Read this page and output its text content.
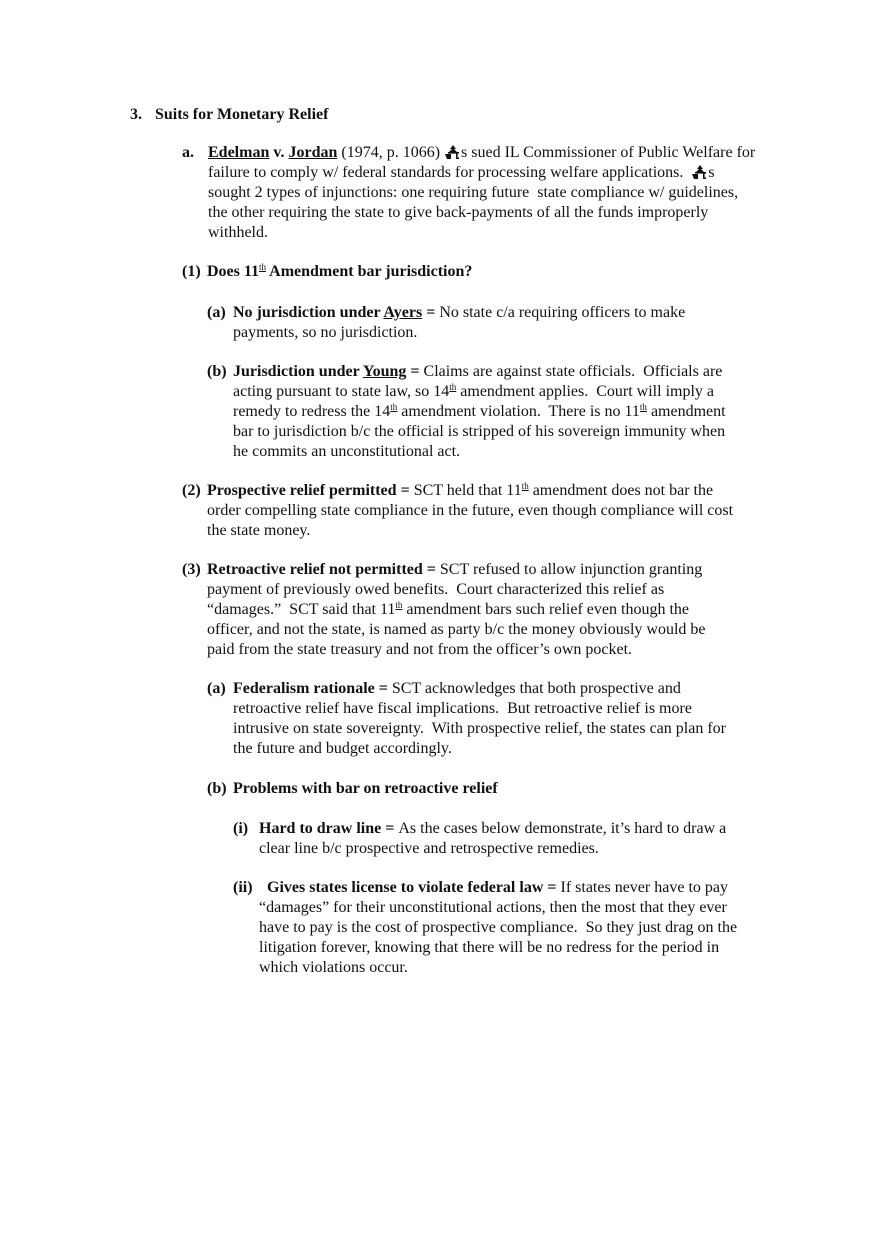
3. Suits for Monetary Relief
a. Edelman v. Jordan (1974, p. 1066) s sued IL Commissioner of Public Welfare for
failure to comply w/ federal standards for processing welfare applications.  s
sought 2 types of injunctions: one requiring future  state compliance w/ guidelines,
the other requiring the state to give back-payments of all the funds improperly
withheld.
(1) Does 11th Amendment bar jurisdiction?
(a) No jurisdiction under Ayers = No state c/a requiring officers to make
payments, so no jurisdiction.
(b) Jurisdiction under Young = Claims are against state officials.  Officials are
acting pursuant to state law, so 14th amendment applies.  Court will imply a
remedy to redress the 14th amendment violation.  There is no 11th amendment
bar to jurisdiction b/c the official is stripped of his sovereign immunity when
he commits an unconstitutional act.
(2) Prospective relief permitted = SCT held that 11th amendment does not bar the
order compelling state compliance in the future, even though compliance will cost
the state money.
(3) Retroactive relief not permitted = SCT refused to allow injunction granting
payment of previously owed benefits.  Court characterized this relief as
“damages.”  SCT said that 11th amendment bars such relief even though the
officer, and not the state, is named as party b/c the money obviously would be
paid from the state treasury and not from the officer’s own pocket.
(a) Federalism rationale = SCT acknowledges that both prospective and
retroactive relief have fiscal implications.  But retroactive relief is more
intrusive on state sovereignty.  With prospective relief, the states can plan for
the future and budget accordingly.
(b) Problems with bar on retroactive relief
(i) Hard to draw line = As the cases below demonstrate, it’s hard to draw a
clear line b/c prospective and retrospective remedies.
(ii) Gives states license to violate federal law = If states never have to pay
“damages” for their unconstitutional actions, then the most that they ever
have to pay is the cost of prospective compliance.  So they just drag on the
litigation forever, knowing that there will be no redress for the period in
which violations occur.
